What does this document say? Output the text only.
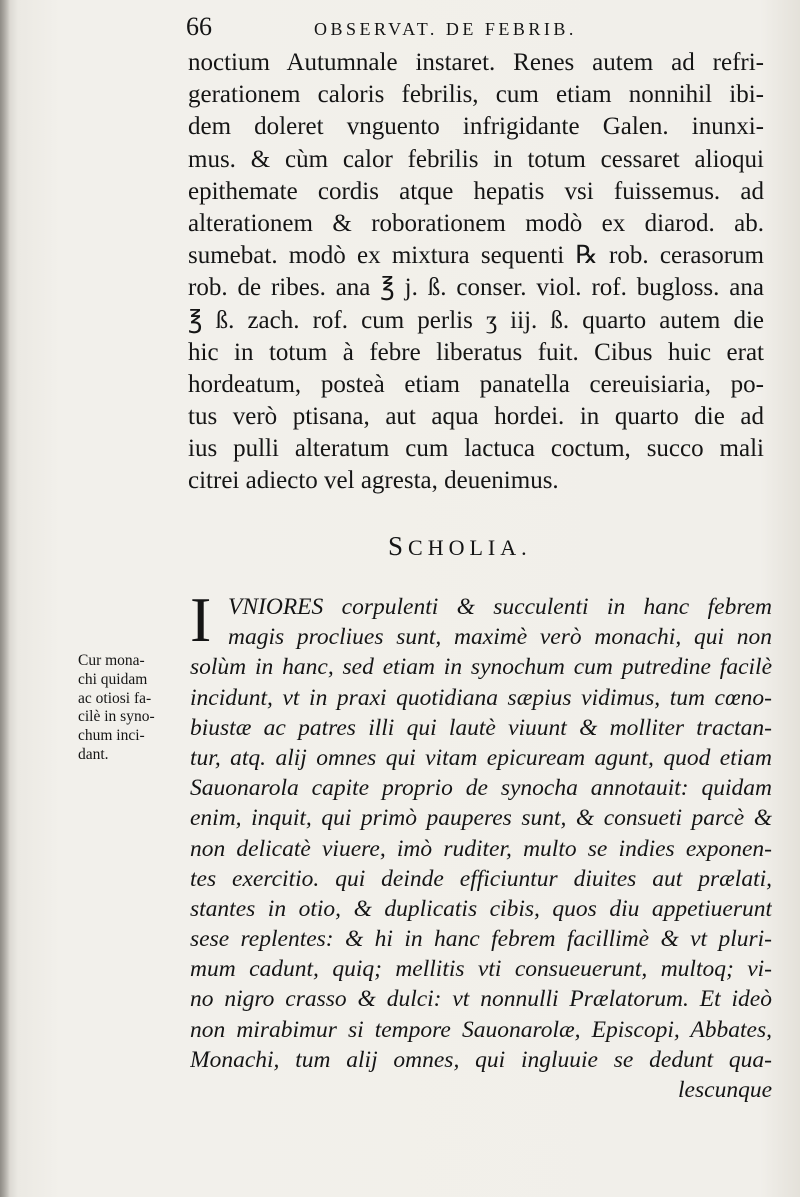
66	OBSERVAT. DE FEBRIB.
noctium Autumnale instaret. Renes autem ad refri-
gerationem caloris febrilis, cum etiam nonnihil ibi-
dem doleret vnguento infrigidante Galen. inunxi-
mus. & cùm calor febrilis in totum cessaret alioqui
epithemate cordis atque hepatis vsi fuissemus. ad
alterationem & roborationem modò ex diarod. ab.
sumebat. modò ex mixtura sequenti ℞ rob. cerasorum
rob. de ribes. ana ℥ j. ß. conser. viol. rof. bugloss. ana
℥ ß. zach. rof. cum perlis ʒ iij. ß. quarto autem die
hic in totum à febre liberatus fuit. Cibus huic erat
hordeatum, posteà etiam panatella cereuisiaria, po-
tus verò ptisana, aut aqua hordei. in quarto die ad
ius pulli alteratum cum lactuca coctum, succo mali
citrei adiecto vel agresta, deuenimus.
SCHOLIA.
I VNIORES corpulenti & succulenti in hanc febrem
magis procliues sunt, maximè verò monachi, qui non
solùm in hanc, sed etiam in synochum cum putredine facilè
incidunt, vt in praxi quotidiana sæpius vidimus, tum cœno-
biustæ ac patres illi qui lautè viuunt & molliter tractan-
tur, atq. alij omnes qui vitam epicuream agunt, quod etiam
Sauonarola capite proprio de synocha annotauit: quidam
enim, inquit, qui primò pauperes sunt, & consueti parcè &
non delicatè viuere, imò ruditer, multo se indies exponen-
tes exercitio. qui deinde efficiuntur diuites aut prælati,
stantes in otio, & duplicatis cibis, quos diu appetiuerunt
sese replentes: & hi in hanc febrem facillimè & vt pluri-
mum cadunt, quiq; mellitis vti consueuerunt, multoq; vi-
no nigro crasso & dulci: vt nonnulli Prælatorum. Et ideò
non mirabimur si tempore Sauonarolæ, Episcopi, Abbates,
Monachi, tum alij omnes, qui ingluuie se dedunt qua-
lescunque
Cur mona-
chi quidam
ac otiosi fa-
cilè in syno-
chum inci-
dant.
